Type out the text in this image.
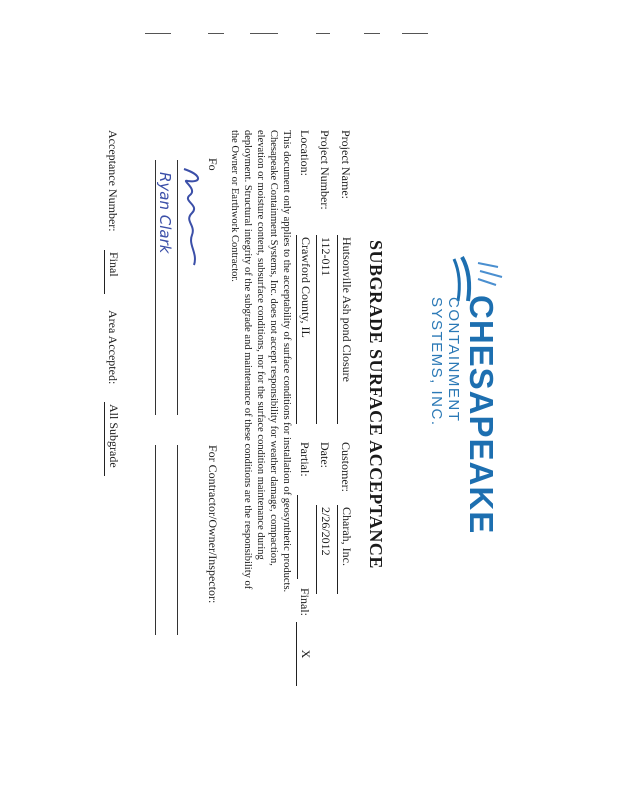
CHESAPEAKE
CONTAINMENT SYSTEMS, INC.
SUBGRADE SURFACE ACCEPTANCE
Project Name:
Hutsonville Ash pond Closure
Customer:
Charah, Inc.
Project Number:
112-011
Date:
2/26/2012
Location:
Crawford County, IL
Partial:
Final:
X
This document only applies to the acceptability of surface conditions for installation of geosynthetic products. Chesapeake Containment Systems, Inc. does not accept responsibility for weather damage, compaction, elevation or moisture content, subsurface conditions, nor for the surface condition maintenance during deployment. Structural integrity of the subgrade and maintenance of these conditions are the responsibility of the Owner or Earthwork Contractor.
Fo
For Contractor/Owner/Inspector:
Ryan Clark
Acceptance Number:
Final
Area Accepted:
All Subgrade
